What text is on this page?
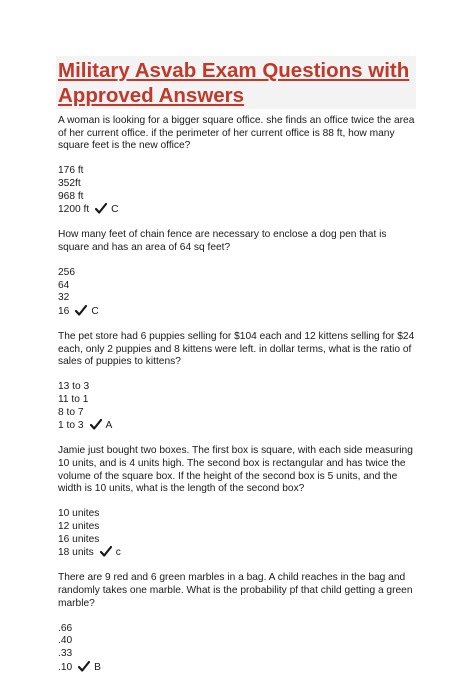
Military Asvab Exam Questions with
Approved Answers

A woman is looking for a bigger square office. she finds an office twice the area of her current office. if the perimeter of her current office is 88 ft, how many square feet is the new office?

176 ft
352ft
968 ft
1200 ft C

How many feet of chain fence are necessary to enclose a dog pen that is square and has an area of 64 sq feet?

256
64
32
16 C

The pet store had 6 puppies selling for $104 each and 12 kittens selling for $24 each, only 2 puppies and 8 kittens were left. in dollar terms, what is the ratio of sales of puppies to kittens?

13 to 3
11 to 1
8 to 7
1 to 3 A

Jamie just bought two boxes. The first box is square, with each side measuring 10 units, and is 4 units high. The second box is rectangular and has twice the volume of the square box. If the height of the second box is 5 units, and the width is 10 units, what is the length of the second box?

10 unites
12 unites
16 unites
18 units c

There are 9 red and 6 green marbles in a bag. A child reaches in the bag and randomly takes one marble. What is the probability pf that child getting a green marble?

.66
.40
.33
.10 B
